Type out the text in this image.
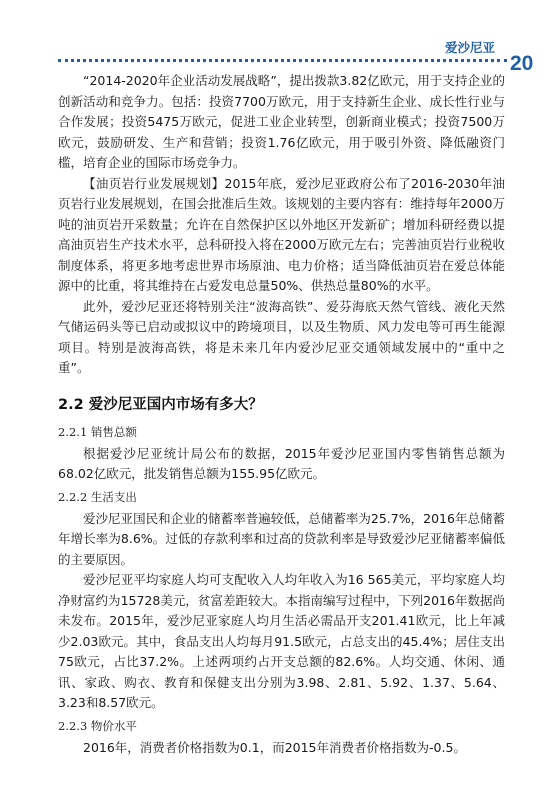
爱沙尼亚
20

“2014-2020年企业活动发展战略”，提出拨款3.82亿欧元，用于支持企业的创新活动和竞争力。包括：投资7700万欧元，用于支持新生企业、成长性行业与合作发展；投资5475万欧元，促进工业企业转型，创新商业模式；投资7500万欧元，鼓励研发、生产和营销；投资1.76亿欧元，用于吸引外资、降低融资门槛，培育企业的国际市场竞争力。

【油页岩行业发展规划】2015年底，爱沙尼亚政府公布了2016-2030年油页岩行业发展规划，在国会批准后生效。该规划的主要内容有：维持每年2000万吨的油页岩开采数量；允许在自然保护区以外地区开发新矿；增加科研经费以提高油页岩生产技术水平，总科研投入将在2000万欧元左右；完善油页岩行业税收制度体系，将更多地考虑世界市场原油、电力价格；适当降低油页岩在爱总体能源中的比重，将其维持在占爱发电总量50%、供热总量80%的水平。

此外，爱沙尼亚还将特别关注“波海高铁”、爱芬海底天然气管线、液化天然气储运码头等已启动或拟议中的跨境项目，以及生物质、风力发电等可再生能源项目。特别是波海高铁，将是未来几年内爱沙尼亚交通领域发展中的“重中之重”。

2.2 爱沙尼亚国内市场有多大？
2.2.1 销售总额

根据爱沙尼亚统计局公布的数据，2015年爱沙尼亚国内零售销售总额为68.02亿欧元，批发销售总额为155.95亿欧元。

2.2.2 生活支出

爱沙尼亚国民和企业的储蓄率普遍较低，总储蓄率为25.7%，2016年总储蓄年增长率为8.6%。过低的存款利率和过高的贷款利率是导致爱沙尼亚储蓄率偏低的主要原因。

爱沙尼亚平均家庭人均可支配收入人均年收入为16 565美元，平均家庭人均净财富约为15728美元，贫富差距较大。本指南编写过程中，下列2016年数据尚未发布。2015年，爱沙尼亚家庭人均月生活必需品开支201.41欧元，比上年减少2.03欧元。其中，食品支出人均每月91.5欧元，占总支出的45.4%；居住支出75欧元，占比37.2%。上述两项约占开支总额的82.6%。人均交通、休闲、通讯、家政、购衣、教育和保健支出分别为3.98、2.81、5.92、1.37、5.64、3.23和8.57欧元。

2.2.3 物价水平

2016年，消费者价格指数为0.1，而2015年消费者价格指数为-0.5。
